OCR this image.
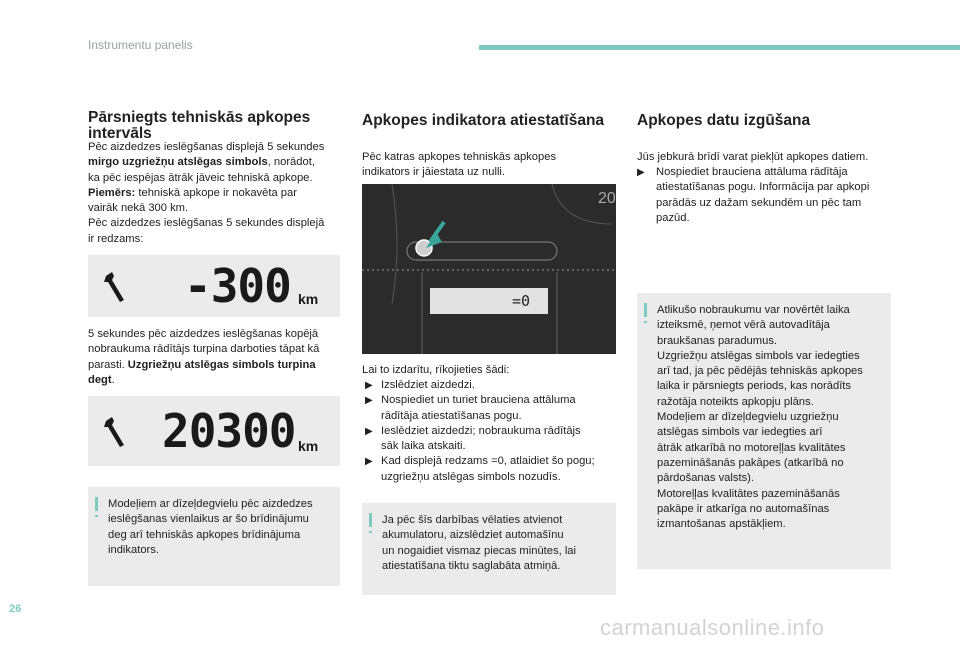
Instrumentu panelis
Pārsniegts tehniskās apkopes
intervāls
Pēc aizdedzes ieslēgšanas displejā 5 sekundes
mirgo uzgriežņu atslēgas simbols, norādot,
ka pēc iespējas ātrāk jāveic tehniskā apkope.
Piemērs: tehniskā apkope ir nokavēta par
vairāk nekā 300 km.
Pēc aizdedzes ieslēgšanas 5 sekundes displejā
ir redzams:
-300 km
5 sekundes pēc aizdedzes ieslēgšanas kopējā
nobraukuma rādītājs turpina darboties tāpat kā
parasti. Uzgriežņu atslēgas simbols turpina
degt.
20300 km
Modeļiem ar dīzeļdegvielu pēc aizdedzes
ieslēgšanas vienlaikus ar šo brīdinājumu
deg arī tehniskās apkopes brīdinājuma
indikators.
Apkopes indikatora atiestatīšana
Pēc katras apkopes tehniskās apkopes
indikators ir jāiestata uz nulli.
=0
20
Lai to izdarītu, rīkojieties šādi:
▶ Izslēdziet aizdedzi.
▶ Nospiediet un turiet brauciena attāluma
rādītāja atiestatīšanas pogu.
▶ Ieslēdziet aizdedzi; nobraukuma rādītājs
sāk laika atskaiti.
▶ Kad displejā redzams =0, atlaidiet šo pogu;
uzgriežņu atslēgas simbols nozudīs.
Ja pēc šīs darbības vēlaties atvienot
akumulatoru, aizslēdziet automašīnu
un nogaidiet vismaz piecas minūtes, lai
atiestatīšana tiktu saglabāta atmiņā.
Apkopes datu izgūšana
Jūs jebkurā brīdī varat piekļūt apkopes datiem.
▶ Nospiediet brauciena attāluma rādītāja
atiestatīšanas pogu. Informācija par apkopi
parādās uz dažam sekundēm un pēc tam
pazūd.
Atlikušo nobraukumu var novērtēt laika
izteiksmē, ņemot vērā autovadītāja
braukšanas paradumus.
Uzgriežņu atslēgas simbols var iedegties
arī tad, ja pēc pēdējās tehniskās apkopes
laika ir pārsniegts periods, kas norādīts
ražotāja noteikts apkopju plāns.
Modeļiem ar dīzeļdegvielu uzgriežņu
atslēgas simbols var iedegties arī
ātrāk atkarībā no motoreļļas kvalitātes
pazemināšanās pakāpes (atkarībā no
pārdošanas valsts).
Motoreļļas kvalitātes pazemināšanās
pakāpe ir atkarīga no automašīnas
izmantošanas apstākļiem.
26
carmanualsonline.info
